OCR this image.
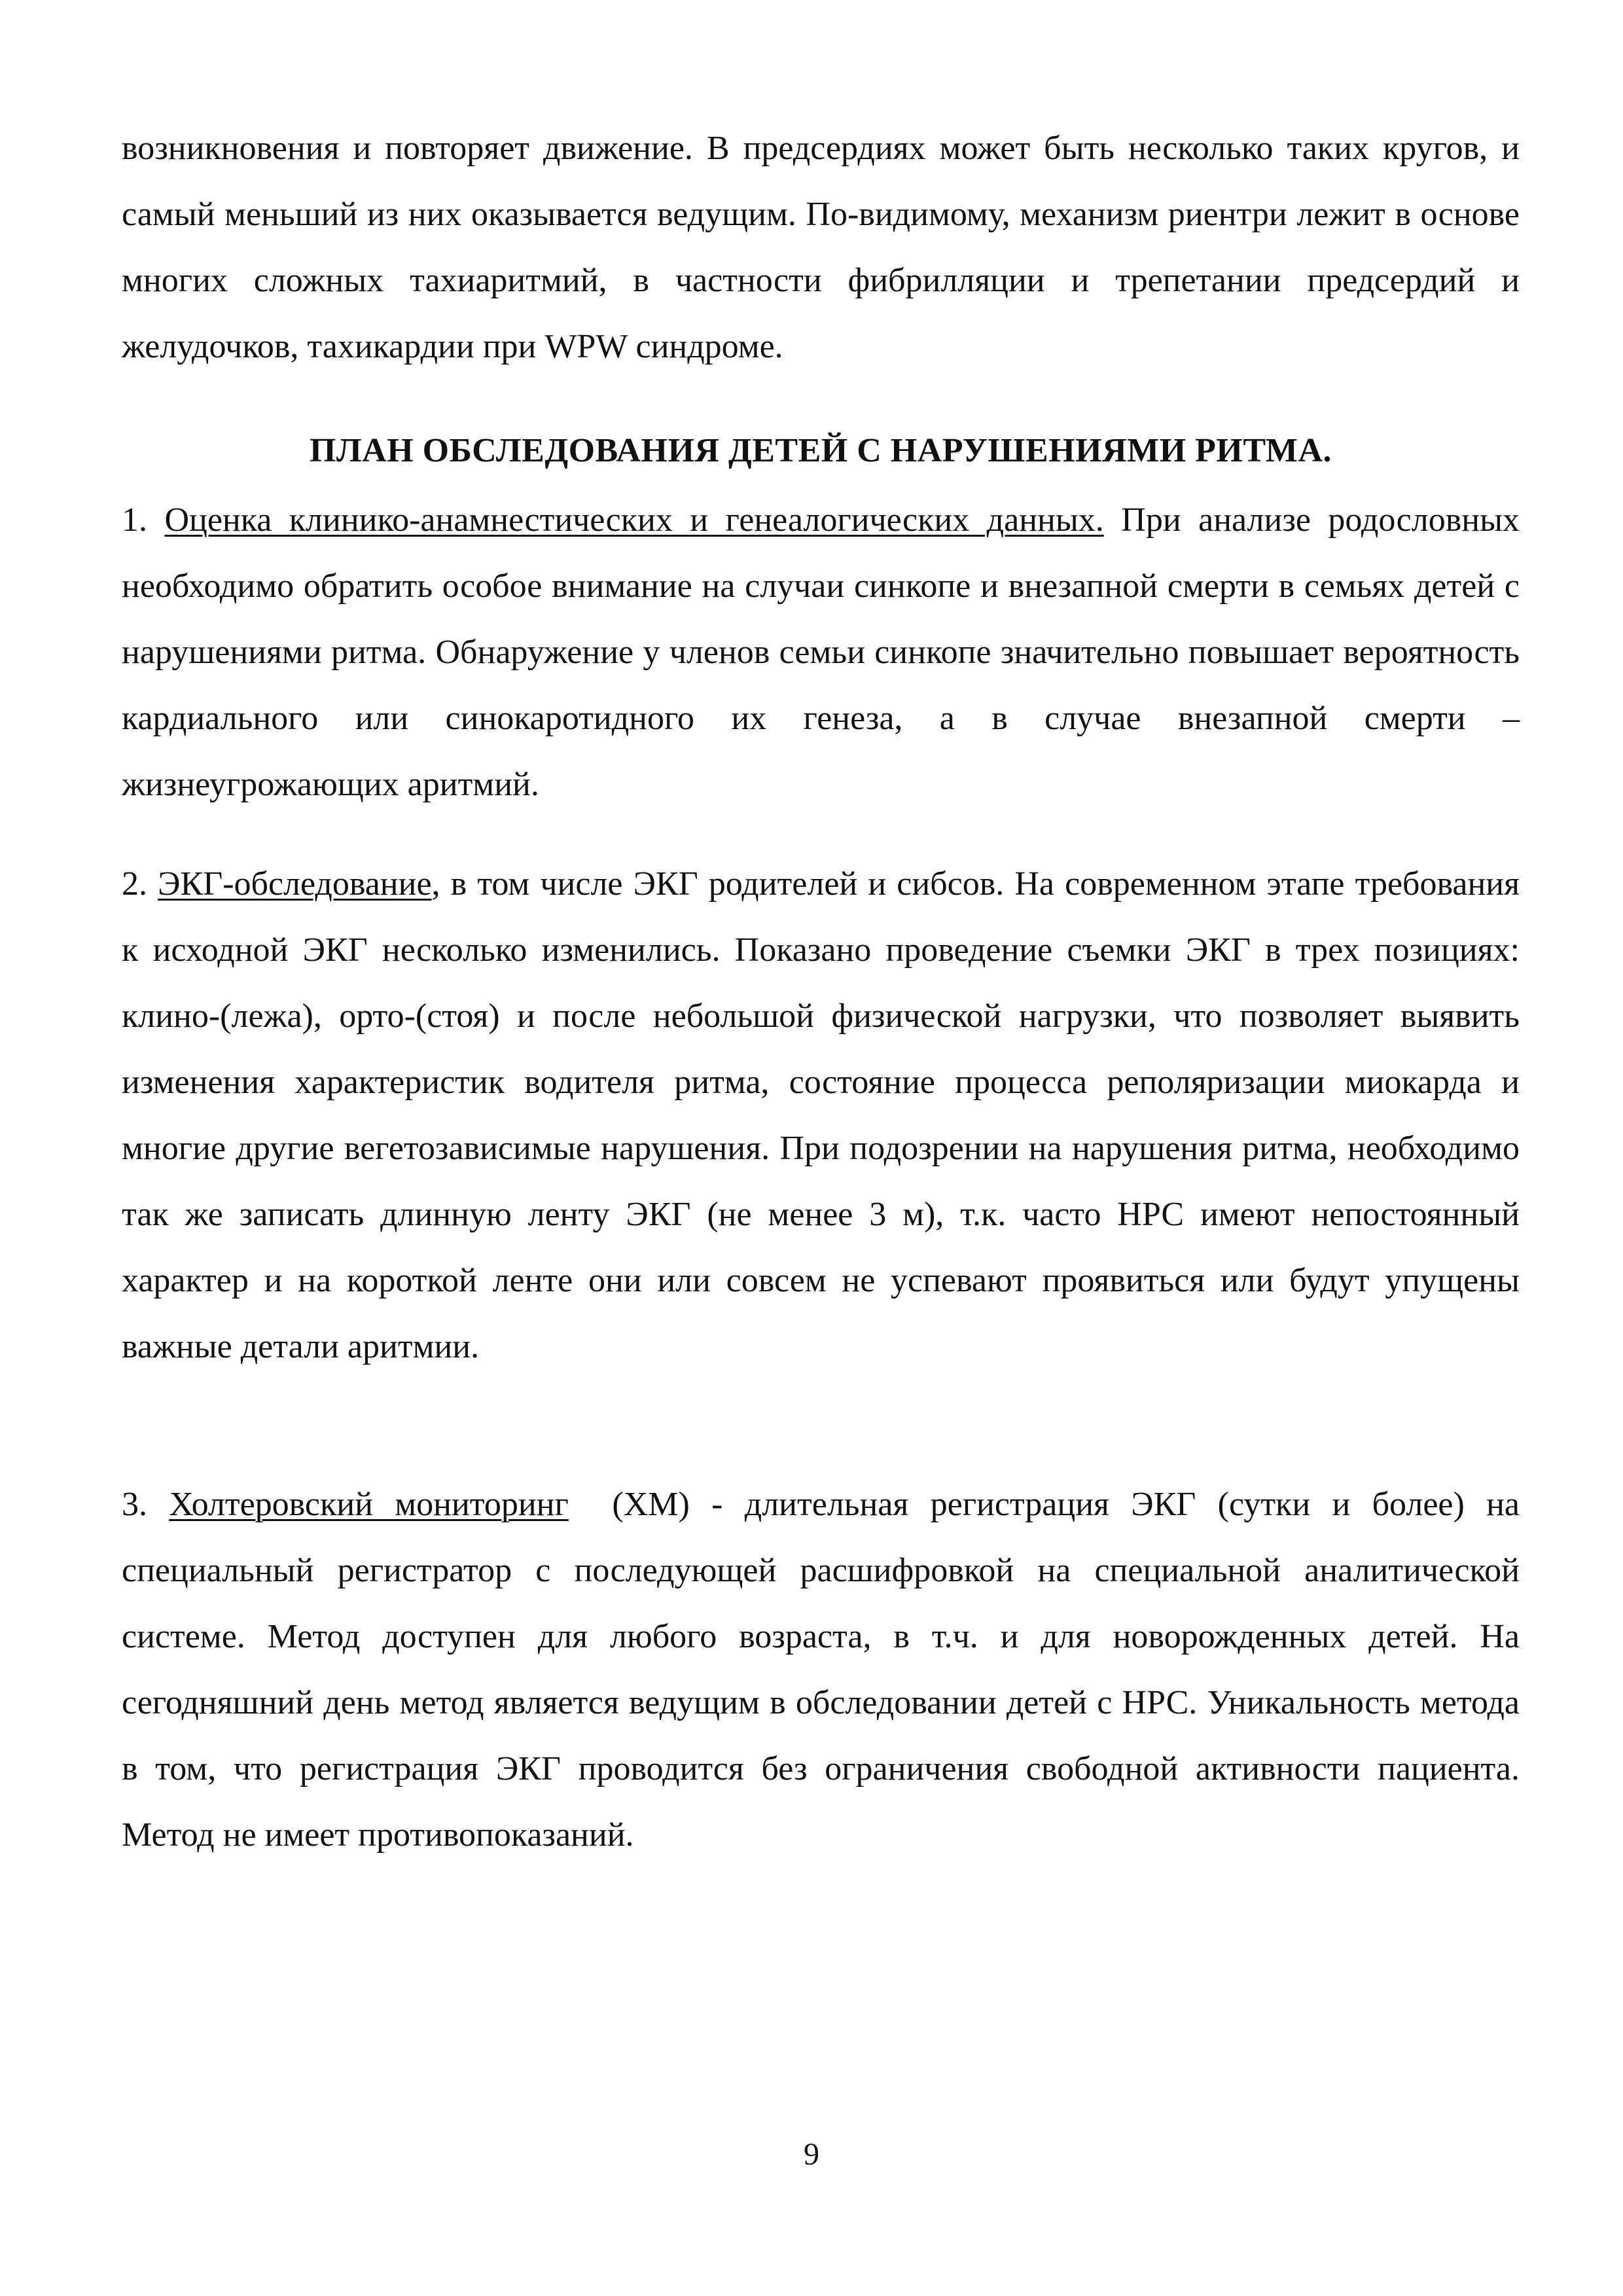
возникновения и повторяет движение. В предсердиях может быть несколько таких кругов, и самый меньший из них оказывается ведущим. По-видимому, механизм риентри лежит в основе многих сложных тахиаритмий, в частности фибрилляции и трепетании предсердий и желудочков, тахикардии при WPW синдроме.

ПЛАН ОБСЛЕДОВАНИЯ ДЕТЕЙ С НАРУШЕНИЯМИ РИТМА.

1. Оценка клинико-анамнестических и генеалогических данных. При анализе родословных необходимо обратить особое внимание на случаи синкопе и внезапной смерти в семьях детей с нарушениями ритма. Обнаружение у членов семьи синкопе значительно повышает вероятность кардиального или синокаротидного их генеза, а в случае внезапной смерти – жизнеугрожающих аритмий.

2. ЭКГ-обследование, в том числе ЭКГ родителей и сибсов. На современном этапе требования к исходной ЭКГ несколько изменились. Показано проведение съемки ЭКГ в трех позициях: клино-(лежа), орто-(стоя) и после небольшой физической нагрузки, что позволяет выявить изменения характеристик водителя ритма, состояние процесса реполяризации миокарда и многие другие вегетозависимые нарушения. При подозрении на нарушения ритма, необходимо так же записать длинную ленту ЭКГ (не менее 3 м), т.к. часто НРС имеют непостоянный характер и на короткой ленте они или совсем не успевают проявиться или будут упущены важные детали аритмии.

3. Холтеровский мониторинг  (ХМ) - длительная регистрация ЭКГ (сутки и более) на специальный регистратор с последующей расшифровкой на специальной аналитической системе. Метод доступен для любого возраста, в т.ч. и для новорожденных детей. На сегодняшний день метод является ведущим в обследовании детей с НРС. Уникальность метода в том, что регистрация ЭКГ проводится без ограничения свободной активности пациента. Метод не имеет противопоказаний.

9
